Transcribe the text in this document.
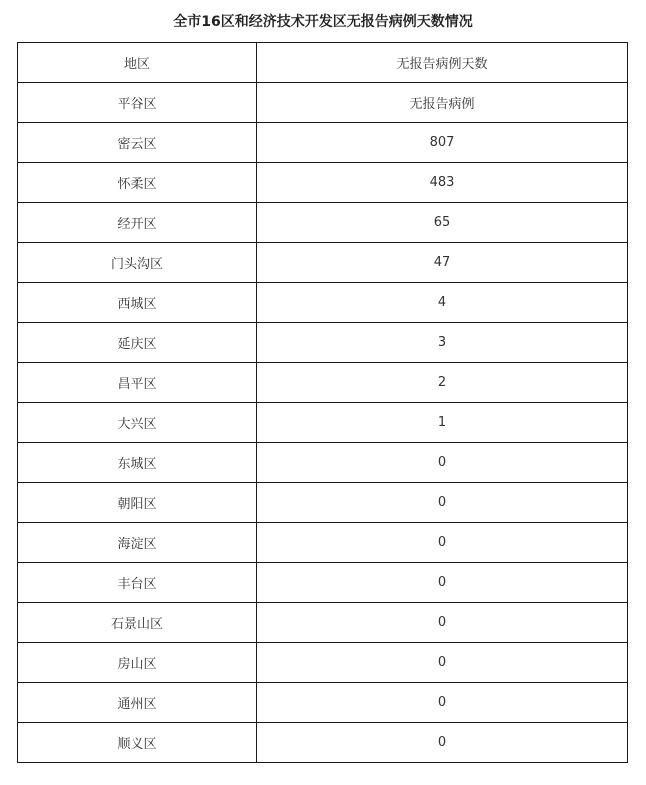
全市16区和经济技术开发区无报告病例天数情况
地区	无报告病例天数
平谷区	无报告病例
密云区	807
怀柔区	483
经开区	65
门头沟区	47
西城区	4
延庆区	3
昌平区	2
大兴区	1
东城区	0
朝阳区	0
海淀区	0
丰台区	0
石景山区	0
房山区	0
通州区	0
顺义区	0
